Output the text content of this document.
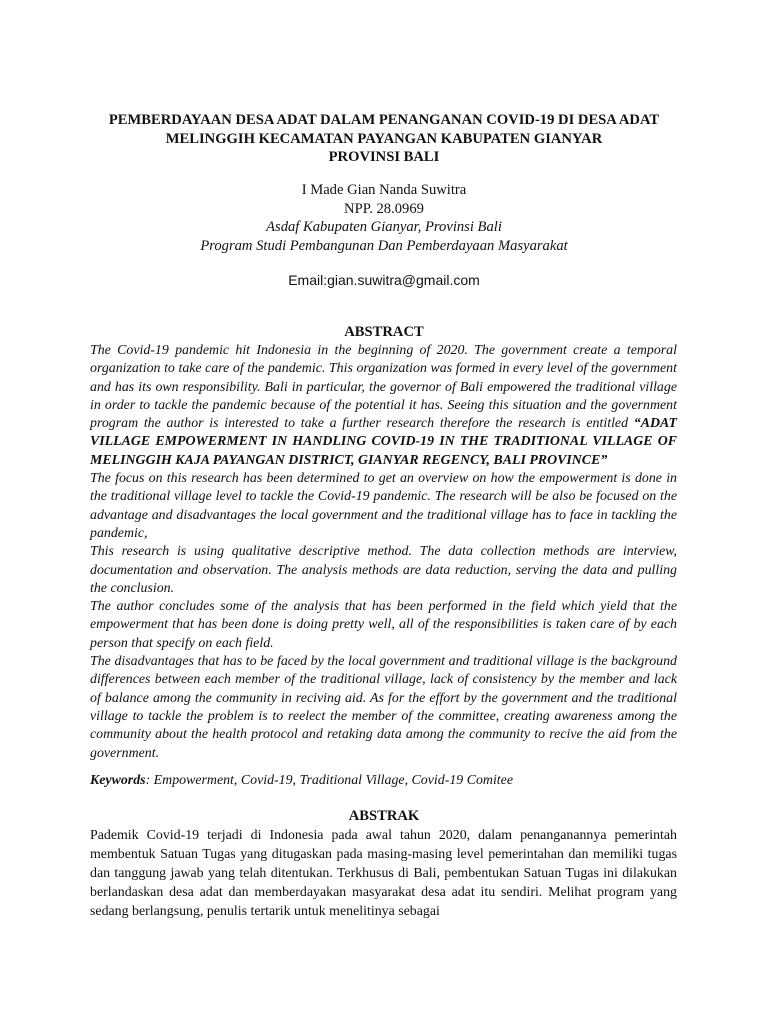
PEMBERDAYAAN DESA ADAT DALAM PENANGANAN COVID-19 DI DESA ADAT
MELINGGIH KECAMATAN PAYANGAN KABUPATEN GIANYAR
PROVINSI BALI
I Made Gian Nanda Suwitra
NPP. 28.0969
Asdaf Kabupaten Gianyar, Provinsi Bali
Program Studi Pembangunan Dan Pemberdayaan Masyarakat
Email:gian.suwitra@gmail.com
ABSTRACT

The Covid-19 pandemic hit Indonesia in the beginning of 2020. The government create a temporal organization to take care of the pandemic. This organization was formed in every level of the government and has its own responsibility. Bali in particular, the governor of Bali empowered the traditional village in order to tackle the pandemic because of the potential it has. Seeing this situation and the government program the author is interested to take a further research therefore the research is entitled “ADAT VILLAGE EMPOWERMENT IN HANDLING COVID-19 IN THE TRADITIONAL VILLAGE OF MELINGGIH KAJA PAYANGAN DISTRICT, GIANYAR REGENCY, BALI PROVINCE”

The focus on this research has been determined to get an overview on how the empowerment is done in the traditional village level to tackle the Covid-19 pandemic. The research will be also be focused on the advantage and disadvantages the local government and the traditional village has to face in tackling the pandemic,

This research is using qualitative descriptive method. The data collection methods are interview, documentation and observation. The analysis methods are data reduction, serving the data and pulling the conclusion.

The author concludes some of the analysis that has been performed in the field which yield that the empowerment that has been done is doing pretty well, all of the responsibilities is taken care of by each person that specify on each field.

The disadvantages that has to be faced by the local government and traditional village is the background differences between each member of the traditional village, lack of consistency by the member and lack of balance among the community in reciving aid. As for the effort by the government and the traditional village to tackle the problem is to reelect the member of the committee, creating awareness among the community about the health protocol and retaking data among the community to recive the aid from the government.

Keywords: Empowerment, Covid-19, Traditional Village, Covid-19 Comitee
ABSTRAK
Pademik Covid-19 terjadi di Indonesia pada awal tahun 2020, dalam penanganannya pemerintah membentuk Satuan Tugas yang ditugaskan pada masing-masing level pemerintahan dan memiliki tugas dan tanggung jawab yang telah ditentukan. Terkhusus di Bali, pembentukan Satuan Tugas ini dilakukan berlandaskan desa adat dan memberdayakan masyarakat desa adat itu sendiri. Melihat program yang sedang berlangsung, penulis tertarik untuk menelitinya sebagai
